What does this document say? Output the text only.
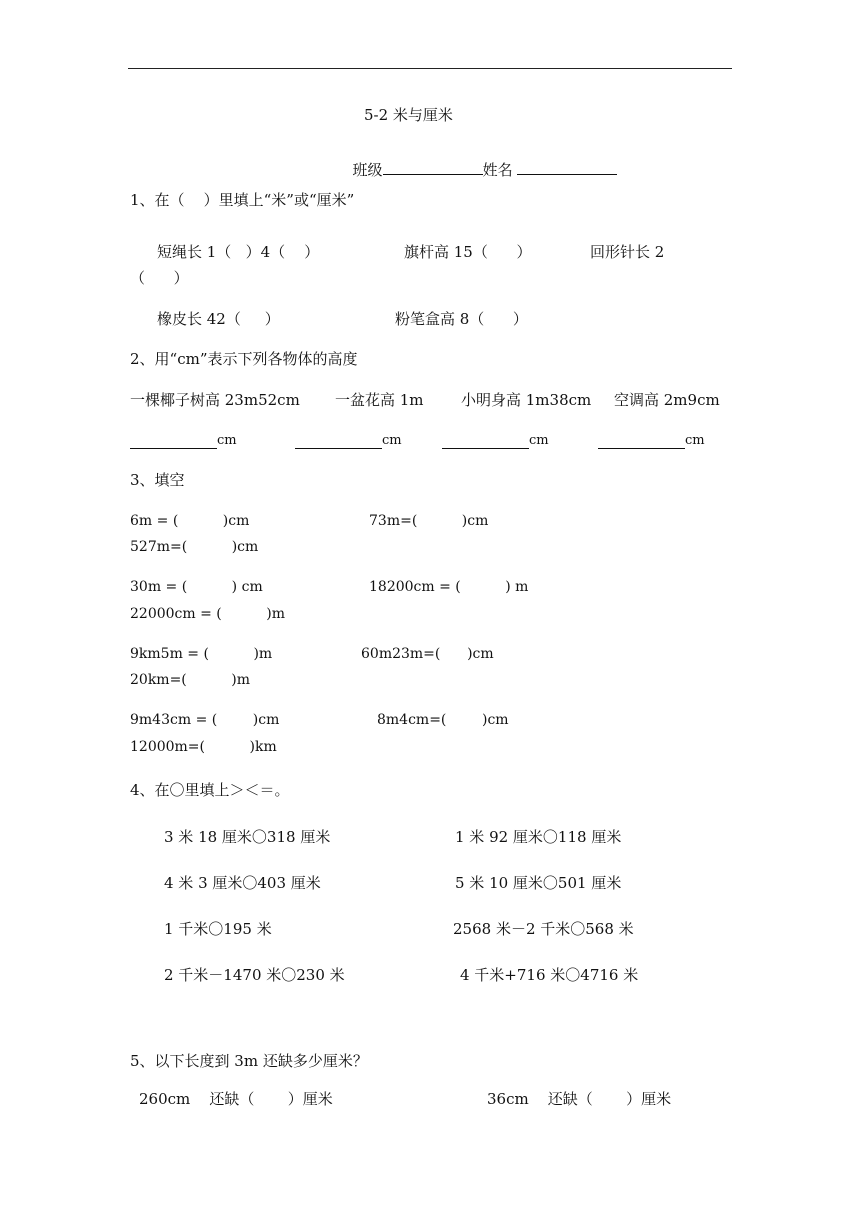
5-2 米与厘米

班级	姓名

1、在（    ）里填上“米”或“厘米”
短绳长 1（   ）4（    ）	旗杆高 15（      ）	回形针长 2
（      ）
橡皮长 42（     ）	粉笔盒高 8（      ）
2、用“cm”表示下列各物体的高度
一棵椰子树高 23m52cm 一盆花高 1m 小明身高 1m38cm 空调高 2m9cm
cm	cm	cm	cm
3、填空
6m = (          )cm	73m=(          )cm
527m=(          )cm
30m = (          ) cm	18200cm = (          ) m
22000cm = (          )m
9km5m = (          )m	60m23m=(      )cm
20km=(          )m
9m43cm = (        )cm	8m4cm=(        )cm
12000m=(          )km
4、在〇里填上＞＜＝。
3 米 18 厘米〇318 厘米	1 米 92 厘米〇118 厘米
4 米 3 厘米〇403 厘米	5 米 10 厘米〇501 厘米
1 千米〇195 米	2568 米－2 千米〇568 米
2 千米－1470 米〇230 米	4 千米+716 米〇4716 米
5、以下长度到 3m 还缺多少厘米？
260cm    还缺（       ）厘米	36cm    还缺（       ）厘米
